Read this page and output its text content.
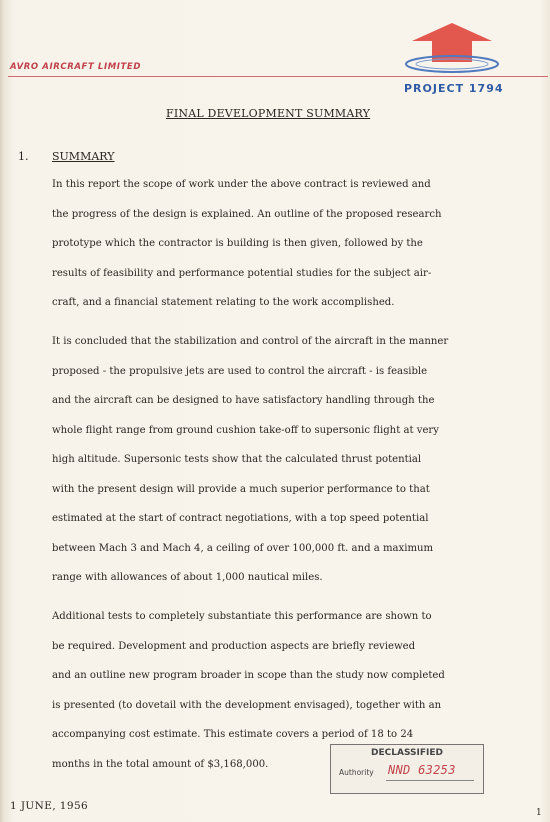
AVRO AIRCRAFT LIMITED
PROJECT 1794
FINAL DEVELOPMENT SUMMARY
1. SUMMARY
In this report the scope of work under the above contract is reviewed and
the progress of the design is explained. An outline of the proposed research
prototype which the contractor is building is then given, followed by the
results of feasibility and performance potential studies for the subject air-
craft, and a financial statement relating to the work accomplished.
It is concluded that the stabilization and control of the aircraft in the manner
proposed - the propulsive jets are used to control the aircraft - is feasible
and the aircraft can be designed to have satisfactory handling through the
whole flight range from ground cushion take-off to supersonic flight at very
high altitude. Supersonic tests show that the calculated thrust potential
with the present design will provide a much superior performance to that
estimated at the start of contract negotiations, with a top speed potential
between Mach 3 and Mach 4, a ceiling of over 100,000 ft. and a maximum
range with allowances of about 1,000 nautical miles.
Additional tests to completely substantiate this performance are shown to
be required. Development and production aspects are briefly reviewed
and an outline new program broader in scope than the study now completed
is presented (to dovetail with the development envisaged), together with an
accompanying cost estimate. This estimate covers a period of 18 to 24
months in the total amount of $3,168,000.
DECLASSIFIED
Authority NND 63253
1 JUNE, 1956
1
